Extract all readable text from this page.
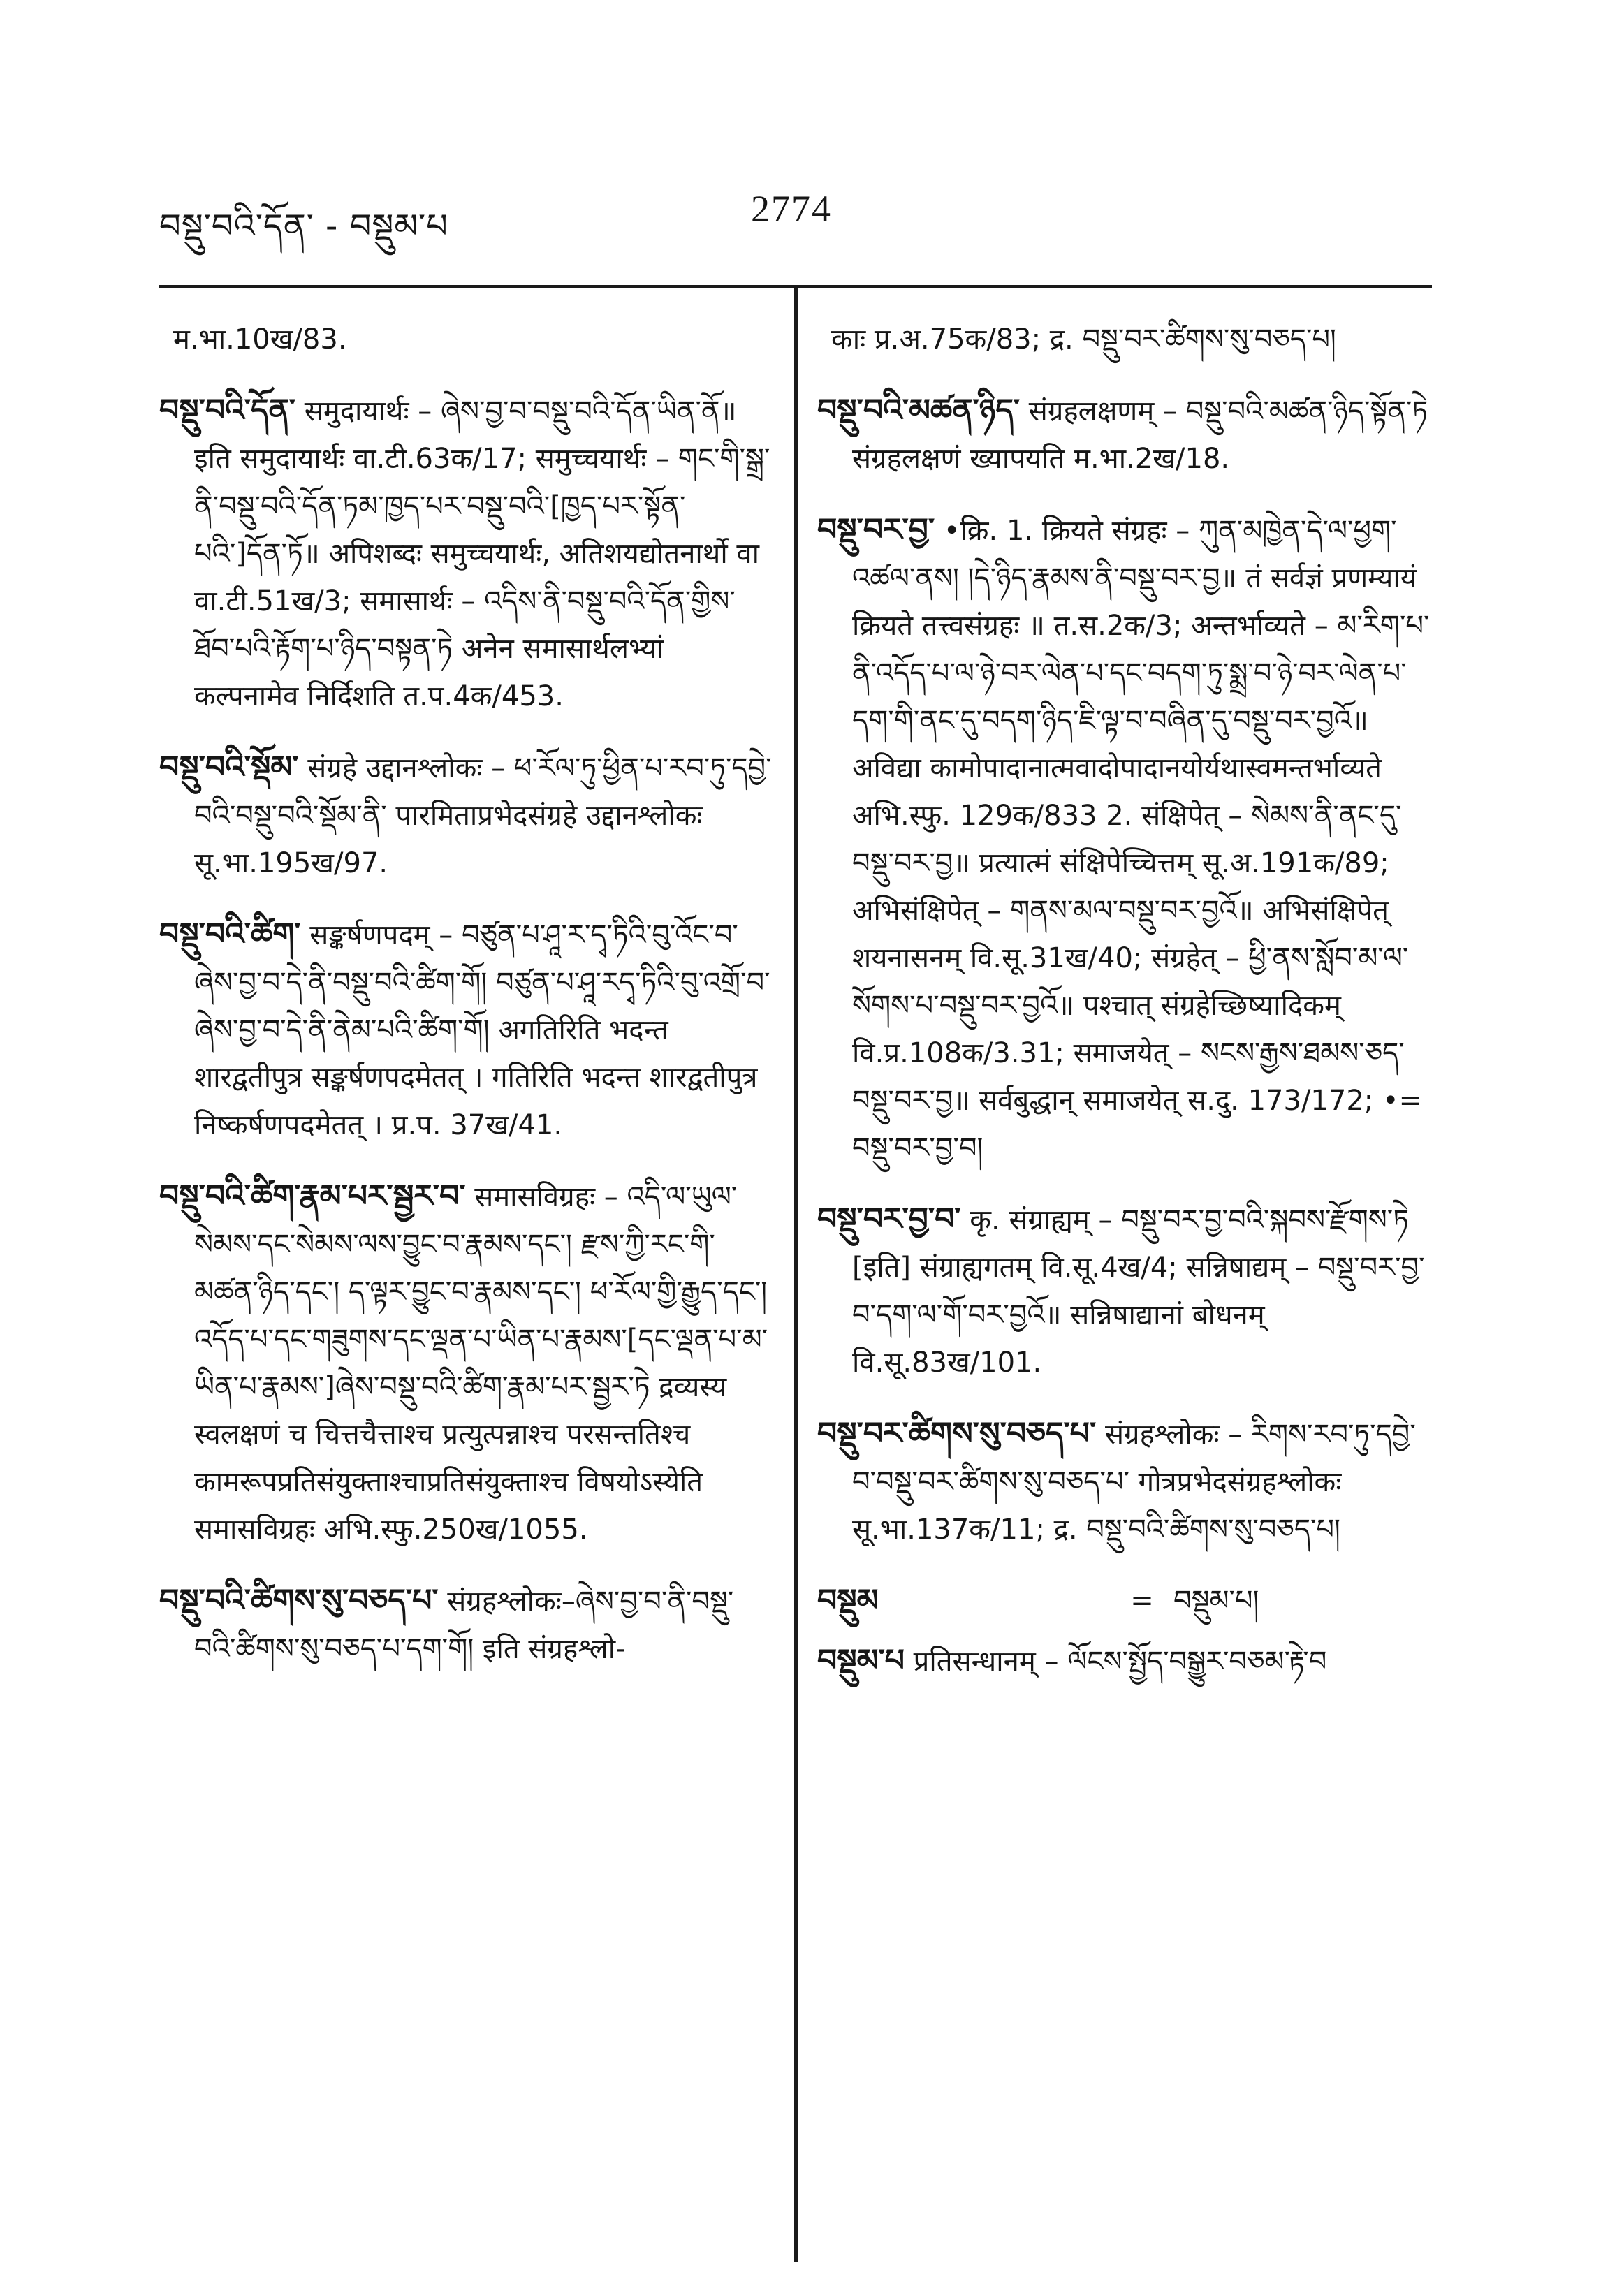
བསྡུ་བའི་དོན་ - བསྡུམ་པ	2774
म.भा.10ख/83.
བསྡུ་བའི་དོན་ समुदायार्थः – ཞེས་བྱ་བ་བསྡུ་བའི་དོན་ཡིན་ནོ॥ इति समुदायार्थः वा.टी.63क/17; समुच्चयार्थः – གང་གི་སྒྲ་ནི་བསྡུ་བའི་དོན་ཏམ་ཁྱད་པར་བསྡུ་བའི་[ཁྱད་པར་སྟོན་པའི་]དོན་ཏོ॥ अपिशब्दः समुच्चयार्थः, अतिशयद्योतनार्थो वा वा.टी.51ख/3; समासार्थः – འདིས་ནི་བསྡུ་བའི་དོན་གྱིས་ཐོབ་པའི་རྟོག་པ་ཉིད་བསྟན་ཏེ अनेन समासार्थलभ्यां कल्पनामेव निर्दिशति त.प.4क/453.
བསྡུ་བའི་སྡོམ་ संग्रहे उद्दानश्लोकः – ཕ་རོལ་ཏུ་ཕྱིན་པ་རབ་ཏུ་དབྱེ་བའི་བསྡུ་བའི་སྡོམ་ནི་ पारमिताप्रभेदसंग्रहे उद्दानश्लोकः सू.भा.195ख/97.
བསྡུ་བའི་ཚིག་ सङ्कर्षणपदम् – བཙུན་པ་ཤཱ་ར་དྭ་ཏིའི་བུ་འོང་བ་ཞེས་བྱ་བ་དེ་ནི་བསྡུ་བའི་ཚིག་གོ། བཙུན་པ་ཤཱ་རདྭ་ཏིའི་བུ་འགྲོ་བ་ཞེས་བྱ་བ་དེ་ནི་ནེམ་པའི་ཚིག་གོ། अगतिरिति भदन्त शारद्वतीपुत्र सङ्कर्षणपदमेतत् । गतिरिति भदन्त शारद्वतीपुत्र निष्कर्षणपदमेतत् । प्र.प. 37ख/41.
བསྡུ་བའི་ཚིག་རྣམ་པར་སྦྱར་བ་ समासविग्रहः – འདི་ལ་ཡུལ་སེམས་དང་སེམས་ལས་བྱུང་བ་རྣམས་དང་། རྫས་ཀྱི་རང་གི་མཚན་ཉིད་དང་། ད་ལྟར་བྱུང་བ་རྣམས་དང་། ཕ་རོལ་གྱི་རྒྱུད་དང་། འདོད་པ་དང་གཟུགས་དང་ལྡན་པ་ཡིན་པ་རྣམས་[དང་ལྡན་པ་མ་ཡིན་པ་རྣམས་]ཞེས་བསྡུ་བའི་ཚིག་རྣམ་པར་སྦྱར་ཏེ द्रव्यस्य स्वलक्षणं च चित्तचैत्ताश्च प्रत्युत्पन्नाश्च परसन्ततिश्च कामरूपप्रतिसंयुक्ताश्चाप्रतिसंयुक्ताश्च विषयोऽस्येति समासविग्रहः अभि.स्फु.250ख/1055.
བསྡུ་བའི་ཚིགས་སུ་བཅད་པ་ संग्रहश्लोकः–ཞེས་བྱ་བ་ནི་བསྡུ་བའི་ཚིགས་སུ་བཅད་པ་དག་གོ། इति संग्रहश्लो-
काः प्र.अ.75क/83; द्र. བསྡུ་བར་ཚིགས་སུ་བཅད་པ།
བསྡུ་བའི་མཚན་ཉིད་ संग्रहलक्षणम् – བསྡུ་བའི་མཚན་ཉིད་སྟོན་ཏེ संग्रहलक्षणं ख्यापयति म.भा.2ख/18.
བསྡུ་བར་བྱ་ •क्रि. 1. क्रियते संग्रहः – ཀུན་མཁྱེན་དེ་ལ་ཕྱག་འཚལ་ནས། །དེ་ཉིད་རྣམས་ནི་བསྡུ་བར་བྱ॥ तं सर्वज्ञं प्रणम्यायं क्रियते तत्त्वसंग्रहः ॥ त.स.2क/3; अन्तर्भाव्यते – མ་རིག་པ་ནི་འདོད་པ་ལ་ཉེ་བར་ལེན་པ་དང་བདག་ཏུ་སྨྲ་བ་ཉེ་བར་ལེན་པ་དག་གི་ནང་དུ་བདག་ཉིད་ཇི་ལྟ་བ་བཞིན་དུ་བསྡུ་བར་བྱའོ॥ अविद्या कामोपादानात्मवादोपादानयोर्यथास्वमन्तर्भाव्यते अभि.स्फु. 129क/833 2. संक्षिपेत् – སེམས་ནི་ནང་དུ་བསྡུ་བར་བྱ॥ प्रत्यात्मं संक्षिपेच्चित्तम् सू.अ.191क/89; अभिसंक्षिपेत् – གནས་མལ་བསྡུ་བར་བྱའོ॥ अभिसंक्षिपेत् शयनासनम् वि.सू.31ख/40; संग्रहेत् – ཕྱི་ནས་སློབ་མ་ལ་སོགས་པ་བསྡུ་བར་བྱའོ॥ पश्चात् संग्रहेच्छिष्यादिकम् वि.प्र.108क/3.31; समाजयेत् – སངས་རྒྱས་ཐམས་ཅད་བསྡུ་བར་བྱ॥ सर्वबुद्धान् समाजयेत् स.दु. 173/172; •= བསྡུ་བར་བྱ་བ།
བསྡུ་བར་བྱ་བ་ कृ. संग्राह्यम् – བསྡུ་བར་བྱ་བའི་སྐབས་རྫོགས་ཏེ [इति] संग्राह्यगतम् वि.सू.4ख/4; सन्निषाद्यम् – བསྡུ་བར་བྱ་བ་དག་ལ་གོ་བར་བྱའོ॥ सन्निषाद्यानां बोधनम् वि.सू.83ख/101.
བསྡུ་བར་ཚིགས་སུ་བཅད་པ་ संग्रहश्लोकः – རིགས་རབ་ཏུ་དབྱེ་བ་བསྡུ་བར་ཚིགས་སུ་བཅད་པ་ गोत्रप्रभेदसंग्रहश्लोकः सू.भा.137क/11; द्र. བསྡུ་བའི་ཚིགས་སུ་བཅད་པ།
བསྡུམ	= བསྡུམ་པ།
བསྡུམ་པ प्रतिसन्धानम् – ལོངས་སྤྱོད་བསྒྱུར་བཅམ་རྟེ་བ
